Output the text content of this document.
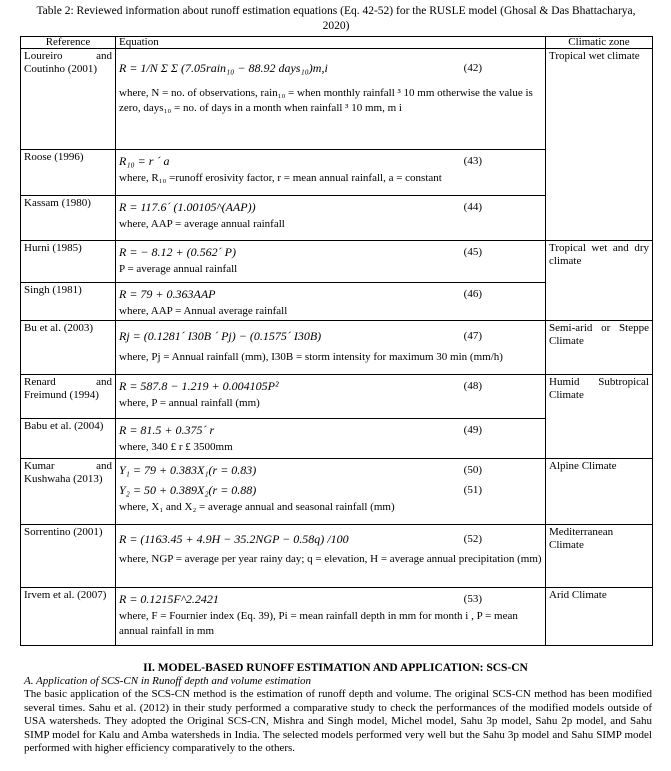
Table 2: Reviewed information about runoff estimation equations (Eq. 42-52) for the RUSLE model (Ghosal & Das Bhattacharya, 2020)
Reference	Equation	Climatic zone
Loureiro and Coutinho (2001)	R = 1/N Σ Σ (7.05rain₁₀ − 88.92 days₁₀)m,i (42)
where, N = no. of observations, rain₁₀ = when monthly rainfall ³ 10 mm otherwise the value is zero, days₁₀ = no. of days in a month when rainfall ³ 10 mm, m i	Tropical wet climate
Roose (1996)	R₁₀ = r ´ a (43)
where, R₁₀ =runoff erosivity factor, r = mean annual rainfall, a = constant	

Kassam (1980)	R = 117.6´ (1.00105^(AAP)) (44)
where, AAP = average annual rainfall	

Hurni (1985)	R = − 8.12 + (0.562´ P) (45)
P = average annual rainfall	Tropical wet and dry climate
Singh (1981)	R = 79 + 0.363AAP (46)
where, AAP = Annual average rainfall	

Bu et al. (2003)	Rj = (0.1281´ I30B ´ Pj) − (0.1575´ I30B) (47)
where, Pj = Annual rainfall (mm), I30B = storm intensity for maximum 30 min (mm/h)	Semi-arid or Steppe Climate
Renard and Freimund (1994)	R = 587.8 − 1.219 + 0.004105P² (48)
where, P = annual rainfall (mm)	Humid Subtropical Climate
Babu et al. (2004)	R = 81.5 + 0.375´ r (49)
where, 340 £ r £ 3500mm	

Kumar and Kushwaha (2013)	Y₁ = 79 + 0.383X₁(r = 0.83) (50)
Y₂ = 50 + 0.389X₂(r = 0.88) (51)
where, X₁ and X₂ = average annual and seasonal rainfall (mm)	Alpine Climate
Sorrentino (2001)	R = (1163.45 + 4.9H − 35.2NGP − 0.58q) /100 (52)
where, NGP = average per year rainy day; q = elevation, H = average annual precipitation (mm)	Mediterranean Climate
Irvem et al. (2007)	R = 0.1215F^2.2421 (53)
where, F = Fournier index (Eq. 39), Pi = mean rainfall depth in mm for month i , P = mean annual rainfall in mm	Arid Climate
II. MODEL-BASED RUNOFF ESTIMATION AND APPLICATION: SCS-CN
A. Application of SCS-CN in Runoff depth and volume estimation
The basic application of the SCS-CN method is the estimation of runoff depth and volume. The original SCS-CN method has been modified several times. Sahu et al. (2012) in their study performed a comparative study to check the performances of the modified models outside of USA watersheds. They adopted the Original SCS-CN, Mishra and Singh model, Michel model, Sahu 3p model, Sahu 2p model, and Sahu SIMP model for Kalu and Amba watersheds in India. The selected models performed very well but the Sahu 3p model and Sahu SIMP model performed with higher efficiency comparatively to the others.
